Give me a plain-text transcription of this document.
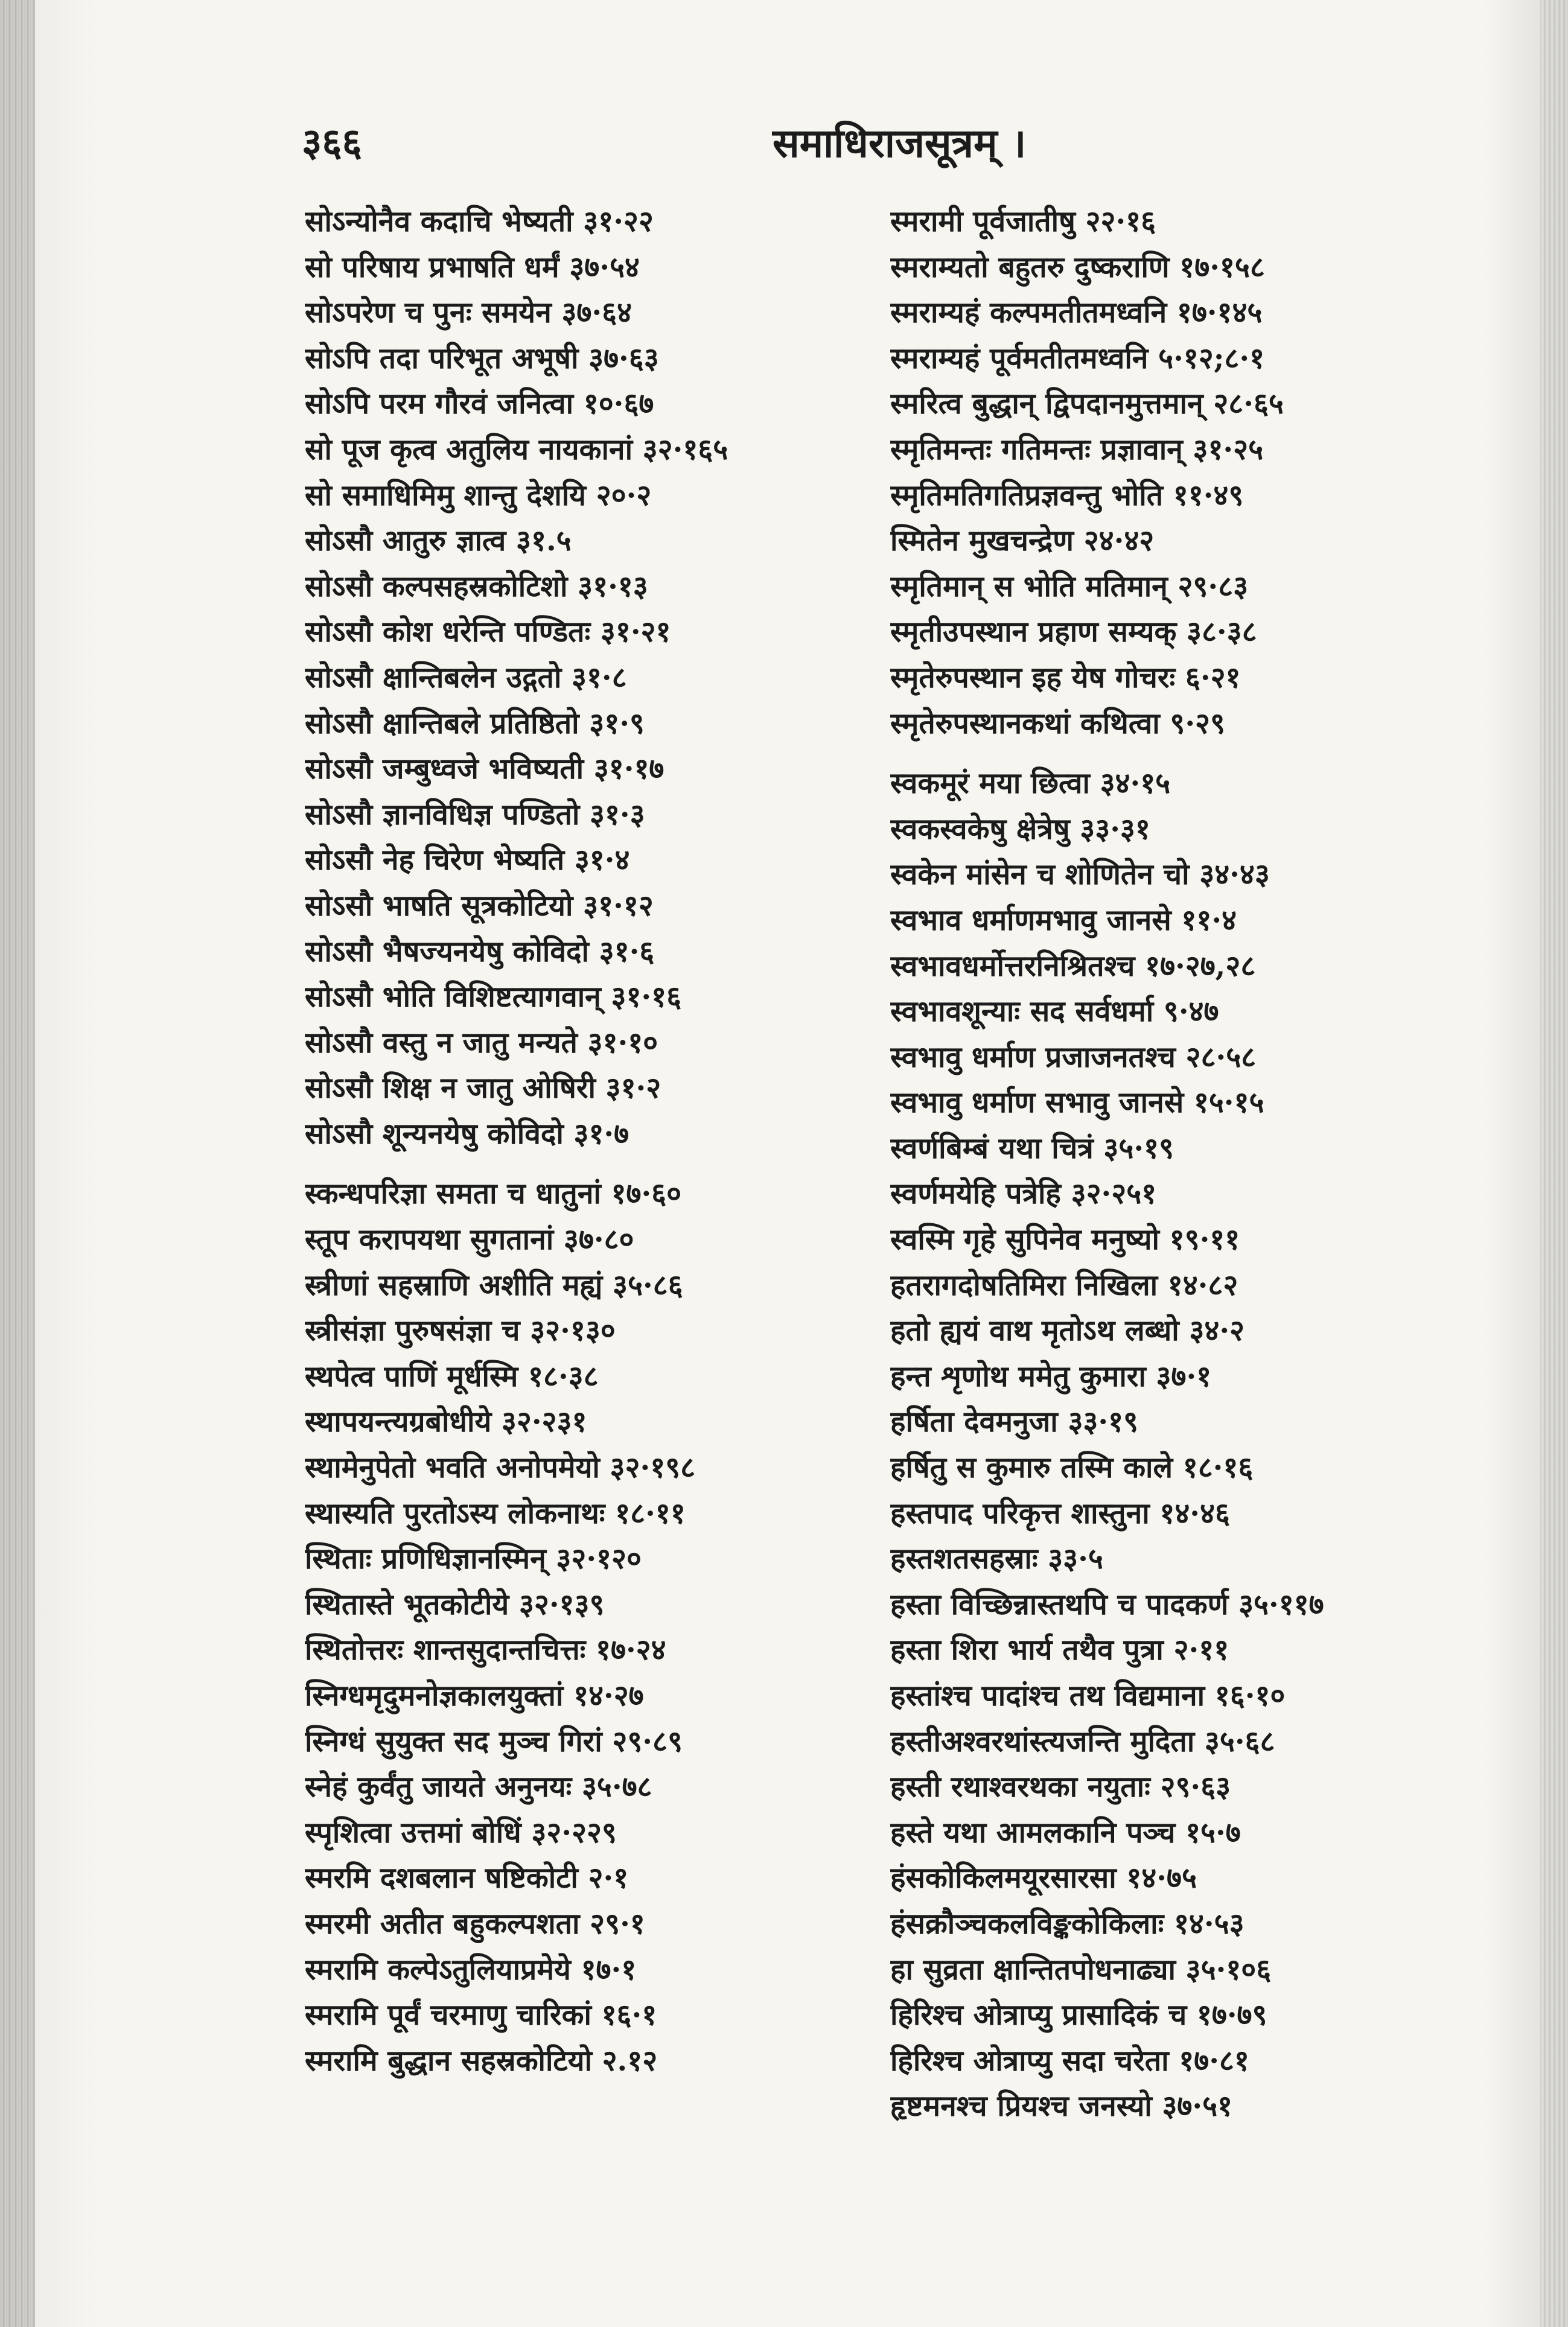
३६६	समाधिराजसूत्रम् ।
सोऽन्योनैव कदाचि भेष्यती ३१·२२
सो परिषाय प्रभाषति धर्मं ३७·५४
सोऽपरेण च पुनः समयेन ३७·६४
सोऽपि तदा परिभूत अभूषी ३७·६३
सोऽपि परम गौरवं जनित्वा १०·६७
सो पूज कृत्व अतुलिय नायकानां ३२·१६५
सो समाधिमिमु शान्तु देशयि २०·२
सोऽसौ आतुरु ज्ञात्व ३१.५
सोऽसौ कल्पसहस्रकोटिशो ३१·१३
सोऽसौ कोश धरेन्ति पण्डितः ३१·२१
सोऽसौ क्षान्तिबलेन उद्गतो ३१·८
सोऽसौ क्षान्तिबले प्रतिष्ठितो ३१·९
सोऽसौ जम्बुध्वजे भविष्यती ३१·१७
सोऽसौ ज्ञानविधिज्ञ पण्डितो ३१·३
सोऽसौ नेह चिरेण भेष्यति ३१·४
सोऽसौ भाषति सूत्रकोटियो ३१·१२
सोऽसौ भैषज्यनयेषु कोविदो ३१·६
सोऽसौ भोति विशिष्टत्यागवान् ३१·१६
सोऽसौ वस्तु न जातु मन्यते ३१·१०
सोऽसौ शिक्ष न जातु ओषिरी ३१·२
सोऽसौ शून्यनयेषु कोविदो ३१·७
स्कन्धपरिज्ञा समता च धातुनां १७·६०
स्तूप करापयथा सुगतानां ३७·८०
स्त्रीणां सहस्राणि अशीति मह्यं ३५·८६
स्त्रीसंज्ञा पुरुषसंज्ञा च ३२·१३०
स्थपेत्व पाणिं मूर्धस्मि १८·३८
स्थापयन्त्यग्रबोधीये ३२·२३१
स्थामेनुपेतो भवति अनोपमेयो ३२·१९८
स्थास्यति पुरतोऽस्य लोकनाथः १८·११
स्थिताः प्रणिधिज्ञानस्मिन् ३२·१२०
स्थितास्ते भूतकोटीये ३२·१३९
स्थितोत्तरः शान्तसुदान्तचित्तः १७·२४
स्निग्धमृदुमनोज्ञकालयुक्तां १४·२७
स्निग्धं सुयुक्त सद मुञ्च गिरां २९·८९
स्नेहं कुर्वंतु जायते अनुनयः ३५·७८
स्पृशित्वा उत्तमां बोधिं ३२·२२९
स्मरमि दशबलान षष्टिकोटी २·१
स्मरमी अतीत बहुकल्पशता २९·१
स्मरामि कल्पेऽतुलियाप्रमेये १७·१
स्मरामि पूर्वं चरमाणु चारिकां १६·१
स्मरामि बुद्धान सहस्रकोटियो २.१२
स्मरामी पूर्वजातीषु २२·१६
स्मराम्यतो बहुतरु दुष्कराणि १७·१५८
स्मराम्यहं कल्पमतीतमध्वनि १७·१४५
स्मराम्यहं पूर्वमतीतमध्वनि ५·१२;८·१
स्मरित्व बुद्धान् द्विपदानमुत्तमान् २८·६५
स्मृतिमन्तः गतिमन्तः प्रज्ञावान् ३१·२५
स्मृतिमतिगतिप्रज्ञवन्तु भोति ११·४९
स्मितेन मुखचन्द्रेण २४·४२
स्मृतिमान् स भोति मतिमान् २९·८३
स्मृतीउपस्थान प्रहाण सम्यक् ३८·३८
स्मृतेरुपस्थान इह येष गोचरः ६·२१
स्मृतेरुपस्थानकथां कथित्वा ९·२९
स्वकमूरं मया छित्वा ३४·१५
स्वकस्वकेषु क्षेत्रेषु ३३·३१
स्वकेन मांसेन च शोणितेन चो ३४·४३
स्वभाव धर्माणमभावु जानसे ११·४
स्वभावधर्मोत्तरनिश्रितश्च १७·२७,२८
स्वभावशून्याः सद सर्वधर्मा ९·४७
स्वभावु धर्माण प्रजाजनतश्च २८·५८
स्वभावु धर्माण सभावु जानसे १५·१५
स्वर्णबिम्बं यथा चित्रं ३५·१९
स्वर्णमयेहि पत्रेहि ३२·२५१
स्वस्मि गृहे सुपिनेव मनुष्यो १९·११
हतरागदोषतिमिरा निखिला १४·८२
हतो ह्ययं वाथ मृतोऽथ लब्धो ३४·२
हन्त शृणोथ ममेतु कुमारा ३७·१
हर्षिता देवमनुजा ३३·१९
हर्षितु स कुमारु तस्मि काले १८·१६
हस्तपाद परिकृत्त शास्तुना १४·४६
हस्तशतसहस्राः ३३·५
हस्ता विच्छिन्नास्तथपि च पादकर्ण ३५·११७
हस्ता शिरा भार्य तथैव पुत्रा २·११
हस्तांश्च पादांश्च तथ विद्यमाना १६·१०
हस्तीअश्वरथांस्त्यजन्ति मुदिता ३५·६८
हस्ती रथाश्वरथका नयुताः २९·६३
हस्ते यथा आमलकानि पञ्च १५·७
हंसकोकिलमयूरसारसा १४·७५
हंसक्रौञ्चकलविङ्ककोकिलाः १४·५३
हा सुव्रता क्षान्तितपोधनाढ्या ३५·१०६
हिरिश्च ओत्राप्यु प्रासादिकं च १७·७९
हिरिश्च ओत्राप्यु सदा चरेता १७·८१
हृष्टमनश्च प्रियश्च जनस्यो ३७·५१
